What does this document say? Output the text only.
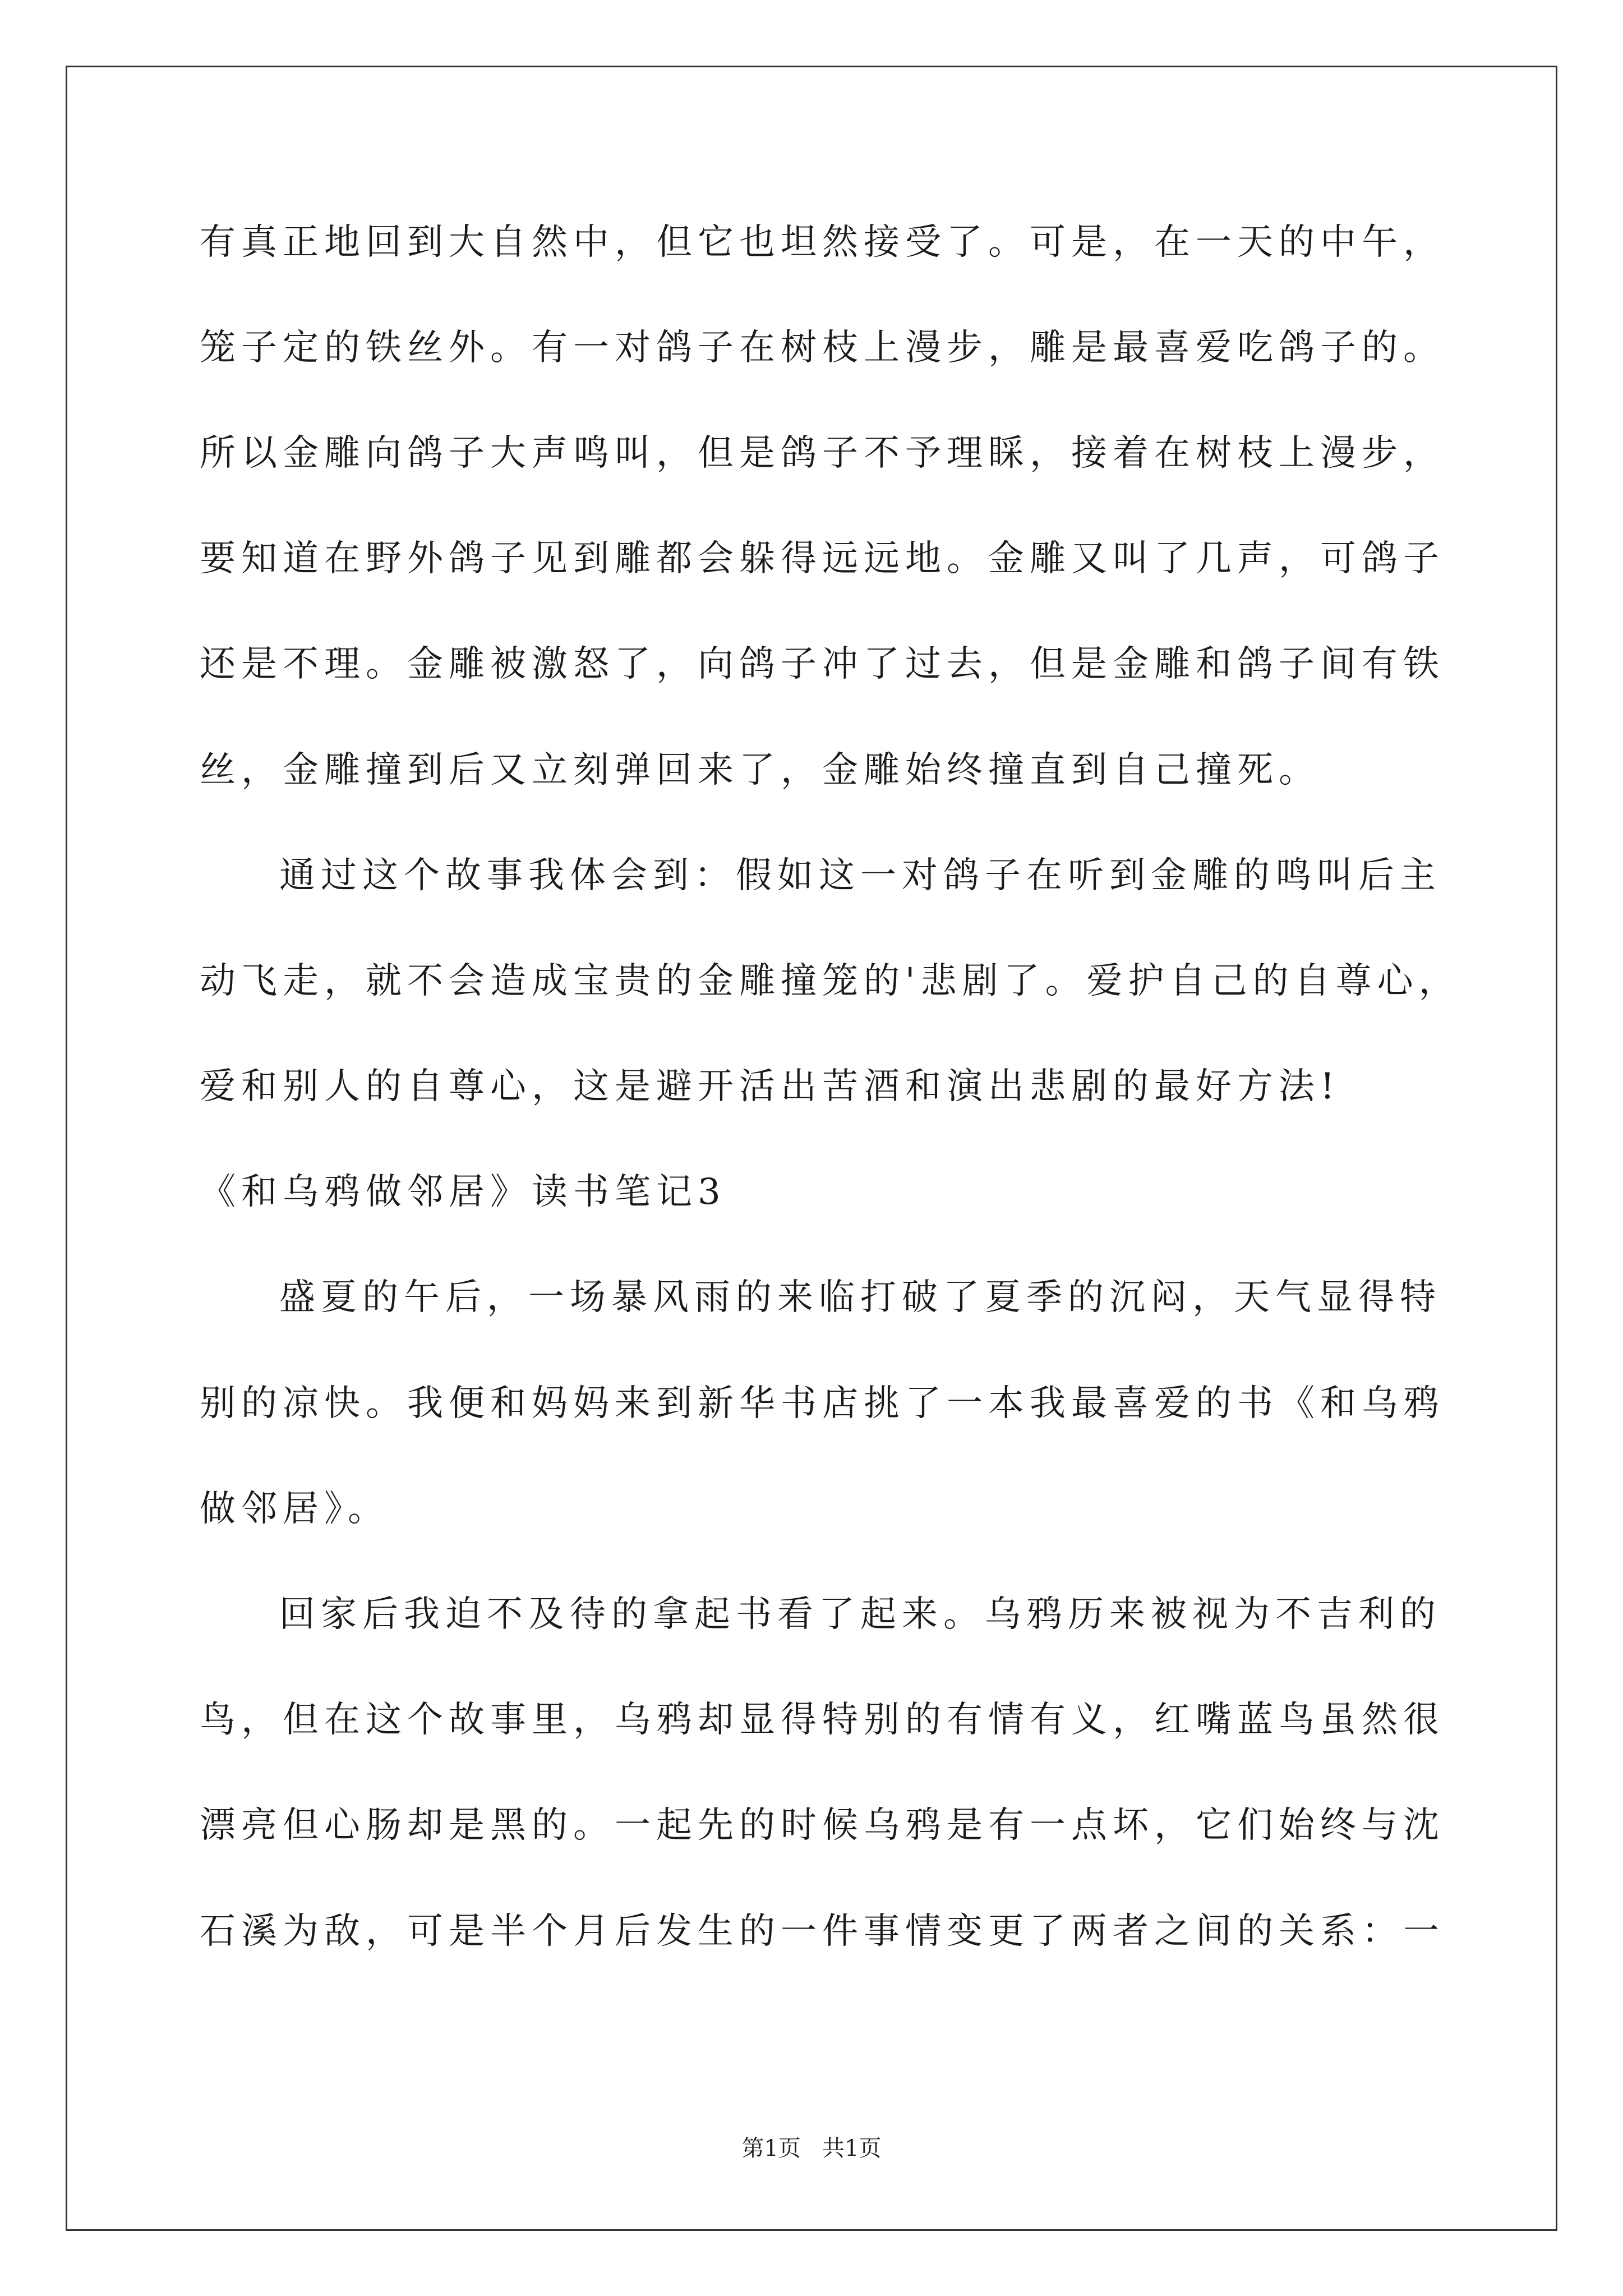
有真正地回到大自然中，但它也坦然接受了。可是，在一天的中午，
笼子定的铁丝外。有一对鸽子在树枝上漫步，雕是最喜爱吃鸽子的。
所以金雕向鸽子大声鸣叫，但是鸽子不予理睬，接着在树枝上漫步，
要知道在野外鸽子见到雕都会躲得远远地。金雕又叫了几声，可鸽子
还是不理。金雕被激怒了，向鸽子冲了过去，但是金雕和鸽子间有铁
丝，金雕撞到后又立刻弹回来了，金雕始终撞直到自己撞死。
通过这个故事我体会到：假如这一对鸽子在听到金雕的鸣叫后主
动飞走，就不会造成宝贵的金雕撞笼的'悲剧了。爱护自己的自尊心，
爱和别人的自尊心，这是避开活出苦酒和演出悲剧的最好方法!
《和乌鸦做邻居》读书笔记3
盛夏的午后，一场暴风雨的来临打破了夏季的沉闷，天气显得特
别的凉快。我便和妈妈来到新华书店挑了一本我最喜爱的书《和乌鸦
做邻居》。
回家后我迫不及待的拿起书看了起来。乌鸦历来被视为不吉利的
鸟，但在这个故事里，乌鸦却显得特别的有情有义，红嘴蓝鸟虽然很
漂亮但心肠却是黑的。一起先的时候乌鸦是有一点坏，它们始终与沈
石溪为敌，可是半个月后发生的一件事情变更了两者之间的关系：一
第1页   共1页
